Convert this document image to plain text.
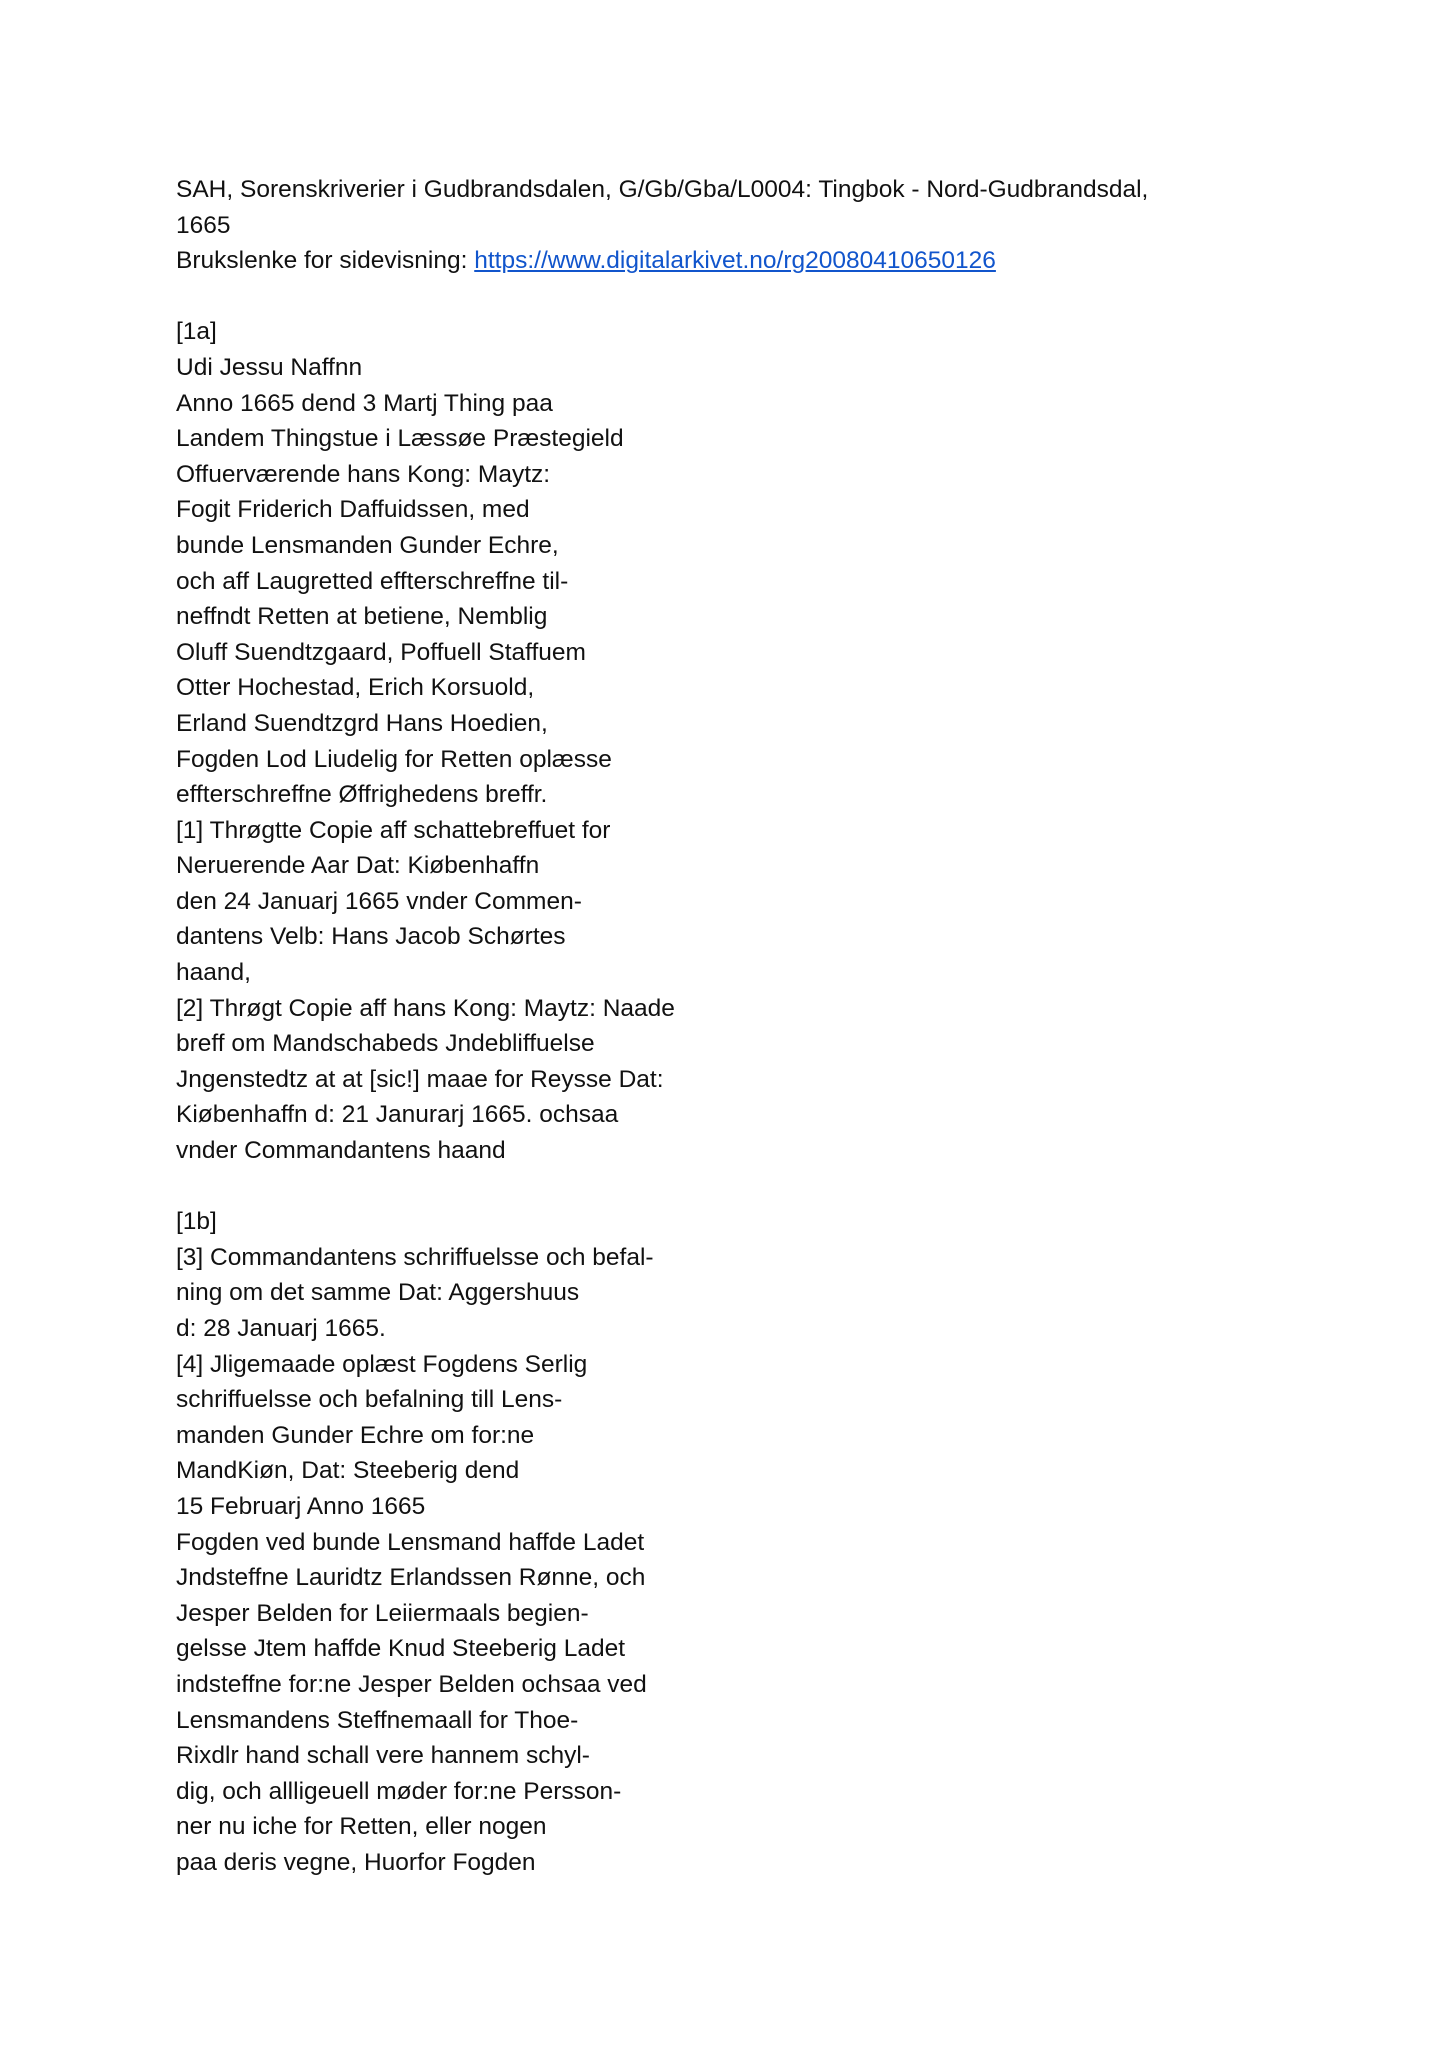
SAH, Sorenskriverier i Gudbrandsdalen, G/Gb/Gba/L0004: Tingbok - Nord-Gudbrandsdal,
1665
Brukslenke for sidevisning: https://www.digitalarkivet.no/rg20080410650126
[1a]
Udi Jessu Naffnn
Anno 1665 dend 3 Martj Thing paa
Landem Thingstue i Læssøe Præstegield
Offuerværende hans Kong: Maytz:
Fogit Friderich Daffuidssen, med
bunde Lensmanden Gunder Echre,
och aff Laugretted effterschreffne til-
neffndt Retten at betiene, Nemblig
Oluff Suendtzgaard, Poffuell Staffuem
Otter Hochestad, Erich Korsuold,
Erland Suendtzgrd Hans Hoedien,
Fogden Lod Liudelig for Retten oplæsse
effterschreffne Øffrighedens breffr.
[1] Thrøgtte Copie aff schattebreffuet for
Neruerende Aar Dat: Kiøbenhaffn
den 24 Januarj 1665 vnder Commen-
dantens Velb: Hans Jacob Schørtes
haand,
[2] Thrøgt Copie aff hans Kong: Maytz: Naade
breff om Mandschabeds Jndebliffuelse
Jngenstedtz at at [sic!] maae for Reysse Dat:
Kiøbenhaffn d: 21 Janurarj 1665. ochsaa
vnder Commandantens haand
[1b]
[3] Commandantens schriffuelsse och befal-
ning om det samme Dat: Aggershuus
d: 28 Januarj 1665.
[4] Jligemaade oplæst Fogdens Serlig
schriffuelsse och befalning till Lens-
manden Gunder Echre om for:ne
MandKiøn, Dat: Steeberig dend
15 Februarj Anno 1665
Fogden ved bunde Lensmand haffde Ladet
Jndsteffne Lauridtz Erlandssen Rønne, och
Jesper Belden for Leiiermaals begien-
gelsse Jtem haffde Knud Steeberig Ladet
indsteffne for:ne Jesper Belden ochsaa ved
Lensmandens Steffnemaall for Thoe-
Rixdlr hand schall vere hannem schyl-
dig, och allligeuell møder for:ne Persson-
ner nu iche for Retten, eller nogen
paa deris vegne, Huorfor Fogden
